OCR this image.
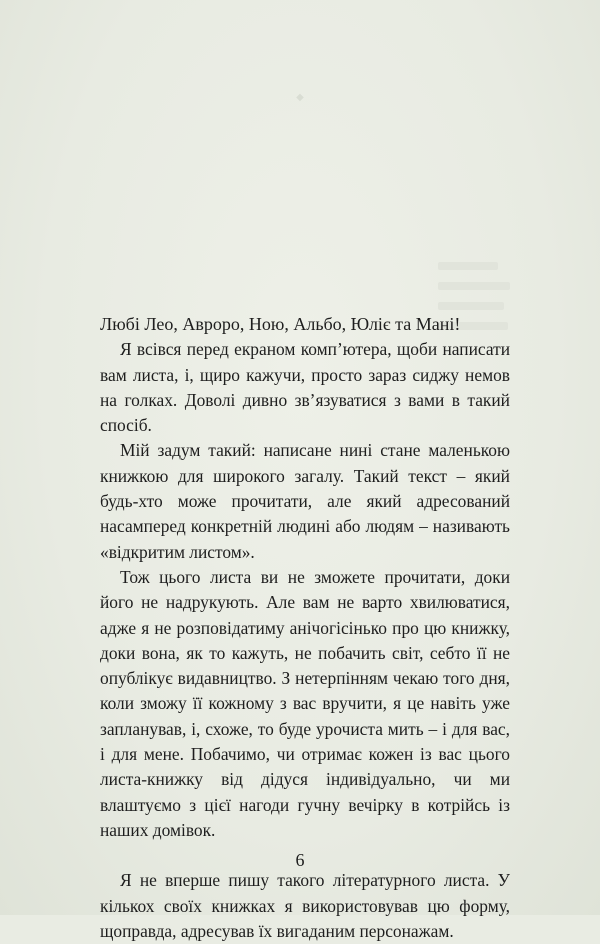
◆

Любі Лео, Авроро, Ною, Альбо, Юліє та Мані!

Я всівся перед екраном комп’ютера, щоби написати вам листа, і, щиро кажучи, просто зараз сиджу немов на голках. Доволі дивно зв’язуватися з вами в такий спосіб.

Мій задум такий: написане нині стане маленькою книжкою для широкого загалу. Такий текст – який будь-хто може прочитати, але який адресований насамперед конкретній людині або людям – називають «відкритим листом».

Тож цього листа ви не зможете прочитати, доки його не надрукують. Але вам не варто хвилюватися, адже я не розповідатиму анічогісінько про цю книжку, доки вона, як то кажуть, не побачить світ, себто її не опублікує видавництво. З нетерпінням чекаю того дня, коли зможу її кожному з вас вручити, я це навіть уже запланував, і, схоже, то буде урочиста мить – і для вас, і для мене. Побачимо, чи отримає кожен із вас цього листа-книжку від дідуся індивідуально, чи ми влаштуємо з цієї нагоди гучну вечірку в котрійсь із наших домівок.

Я не вперше пишу такого літературного листа. У кількох своїх книжках я використовував цю форму, щоправда, адресував їх вигаданим персонажам.

6
